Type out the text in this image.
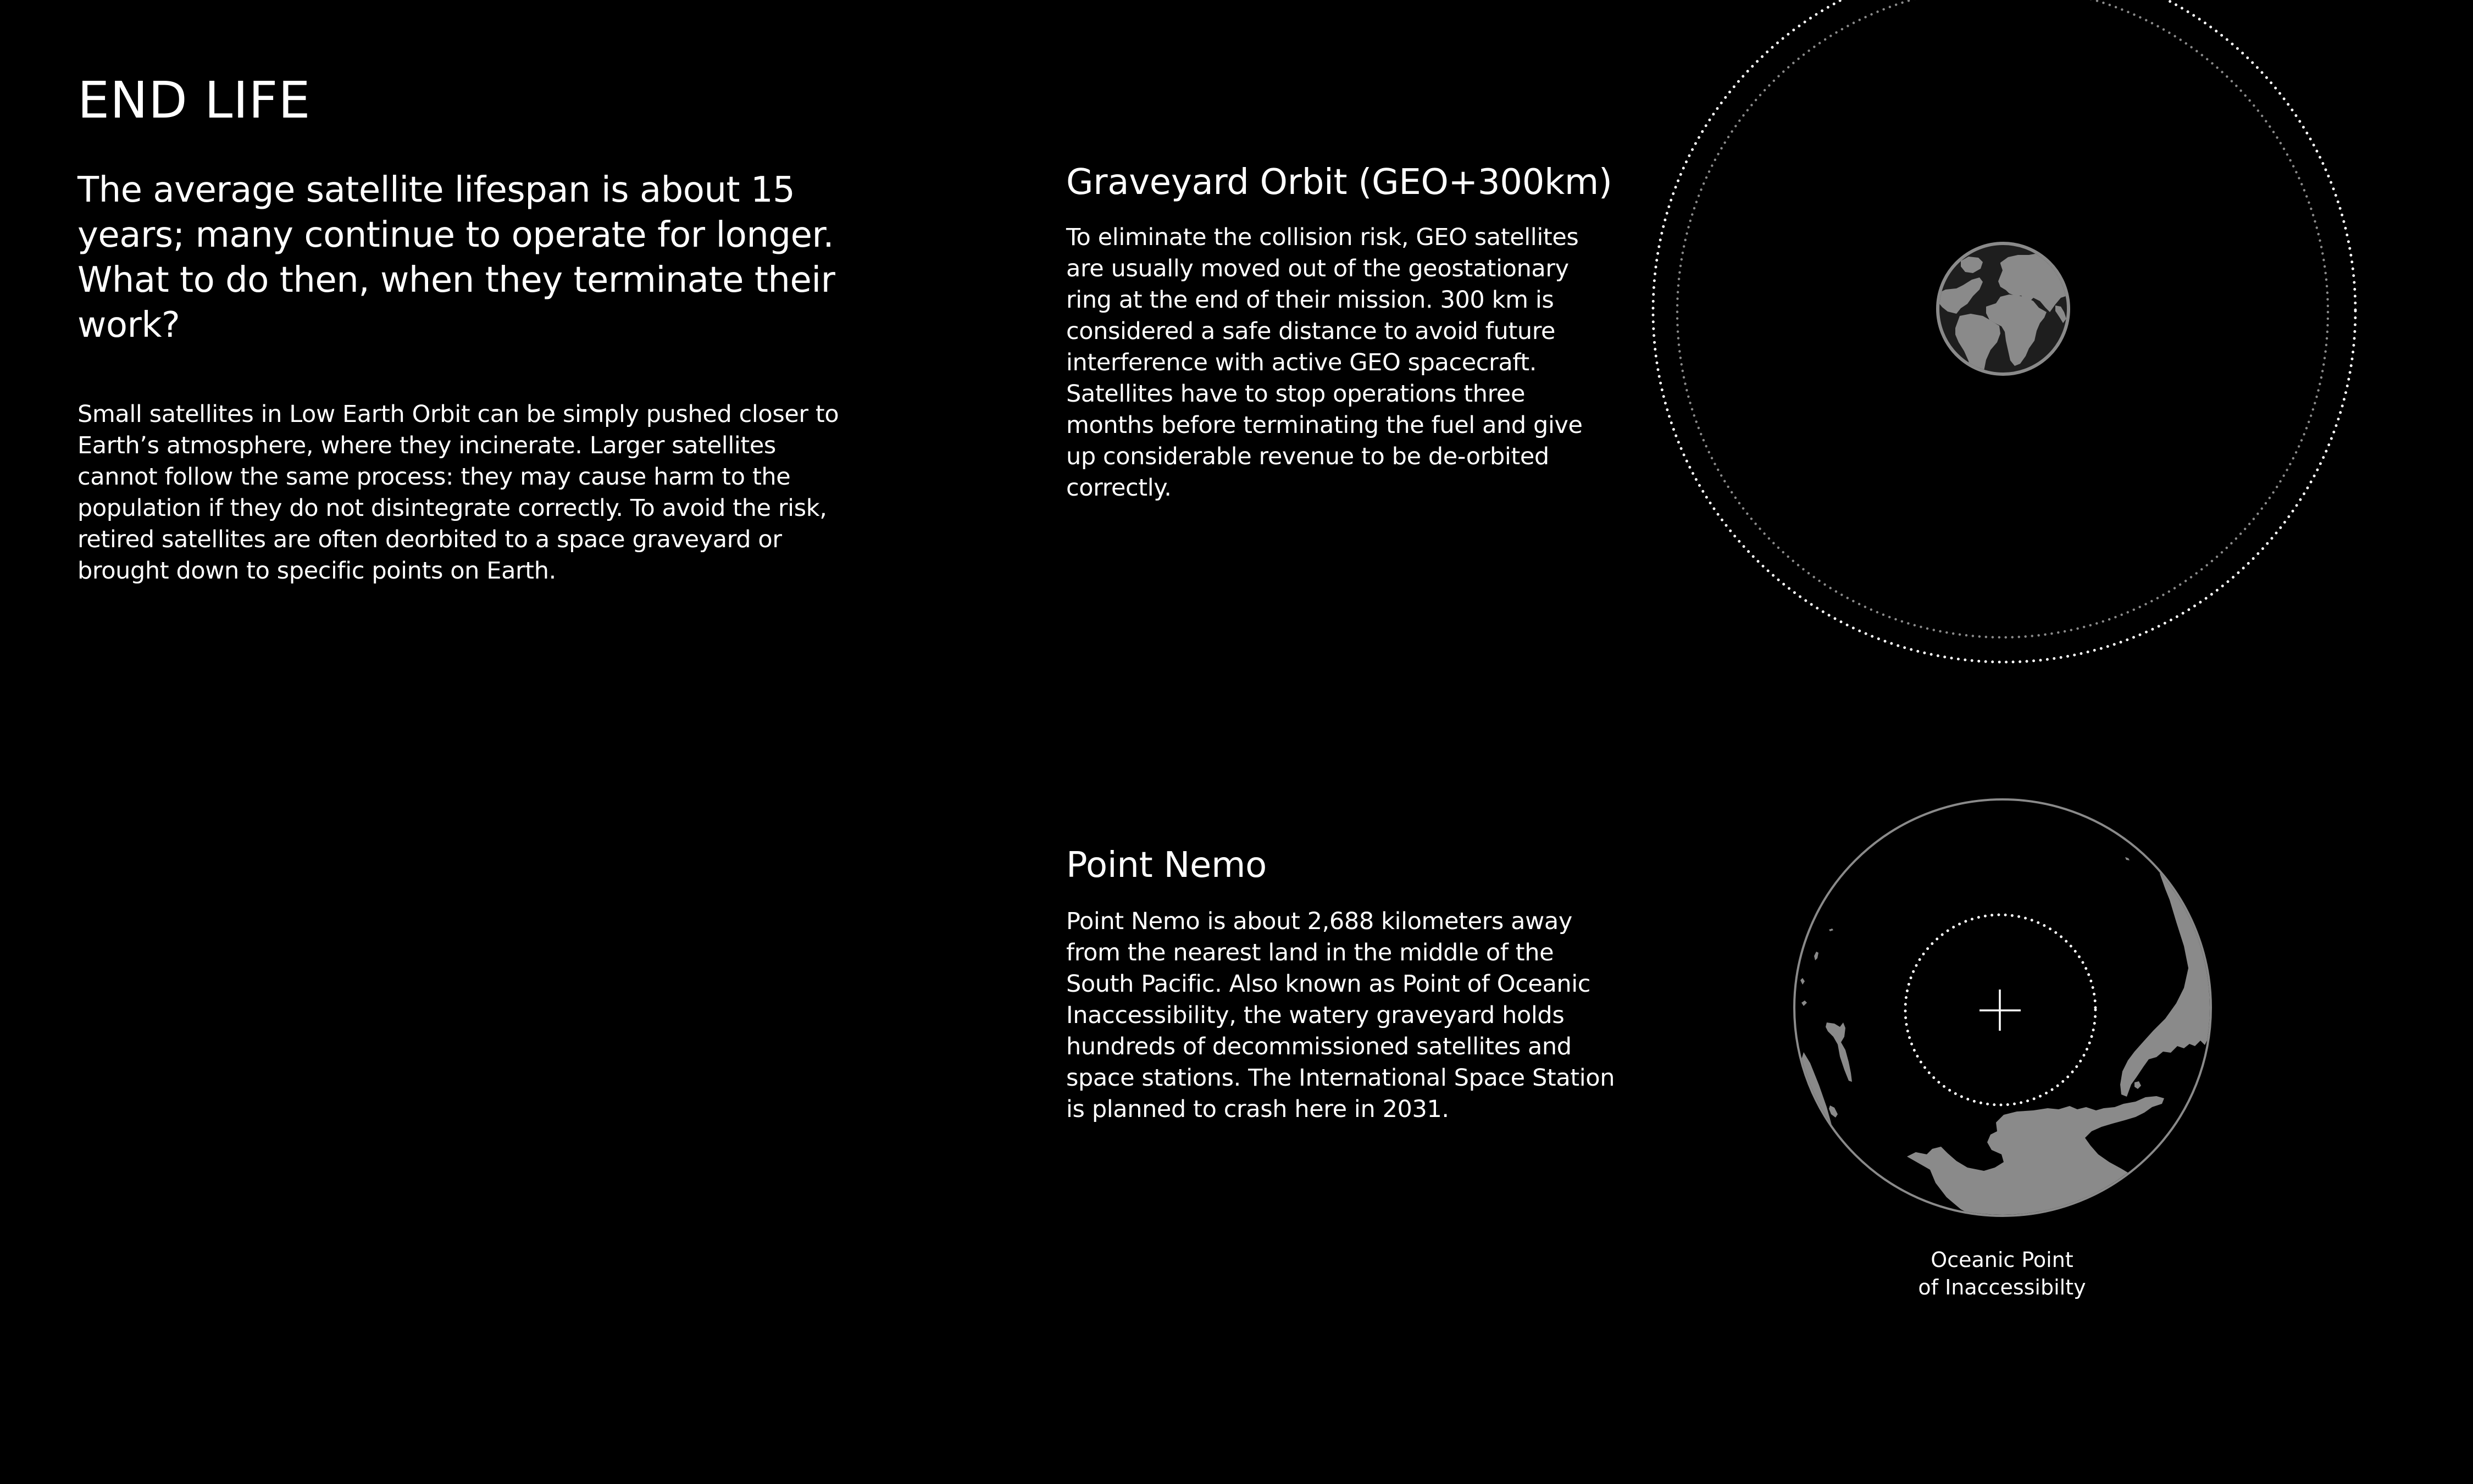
END LIFE

The average satellite lifespan is about 15 years; many continue to operate for longer. What to do then, when they terminate their work?

Small satellites in Low Earth Orbit can be simply pushed closer to Earth’s atmosphere, where they incinerate. Larger satellites cannot follow the same process: they may cause harm to the population if they do not disintegrate correctly. To avoid the risk, retired satellites are often deorbited to a space graveyard or brought down to specific points on Earth.

Graveyard Orbit (GEO+300km)

To eliminate the collision risk, GEO satellites are usually moved out of the geostationary ring at the end of their mission. 300 km is considered a safe distance to avoid future interference with active GEO spacecraft. Satellites have to stop operations three months before terminating the fuel and give up considerable revenue to be de-orbited correctly.

Point Nemo

Point Nemo is about 2,688 kilometers away from the nearest land in the middle of the South Pacific. Also known as Point of Oceanic Inaccessibility, the watery graveyard holds hundreds of decommissioned satellites and space stations. The International Space Station is planned to crash here in 2031.

Oceanic Point
of Inaccessibilty
